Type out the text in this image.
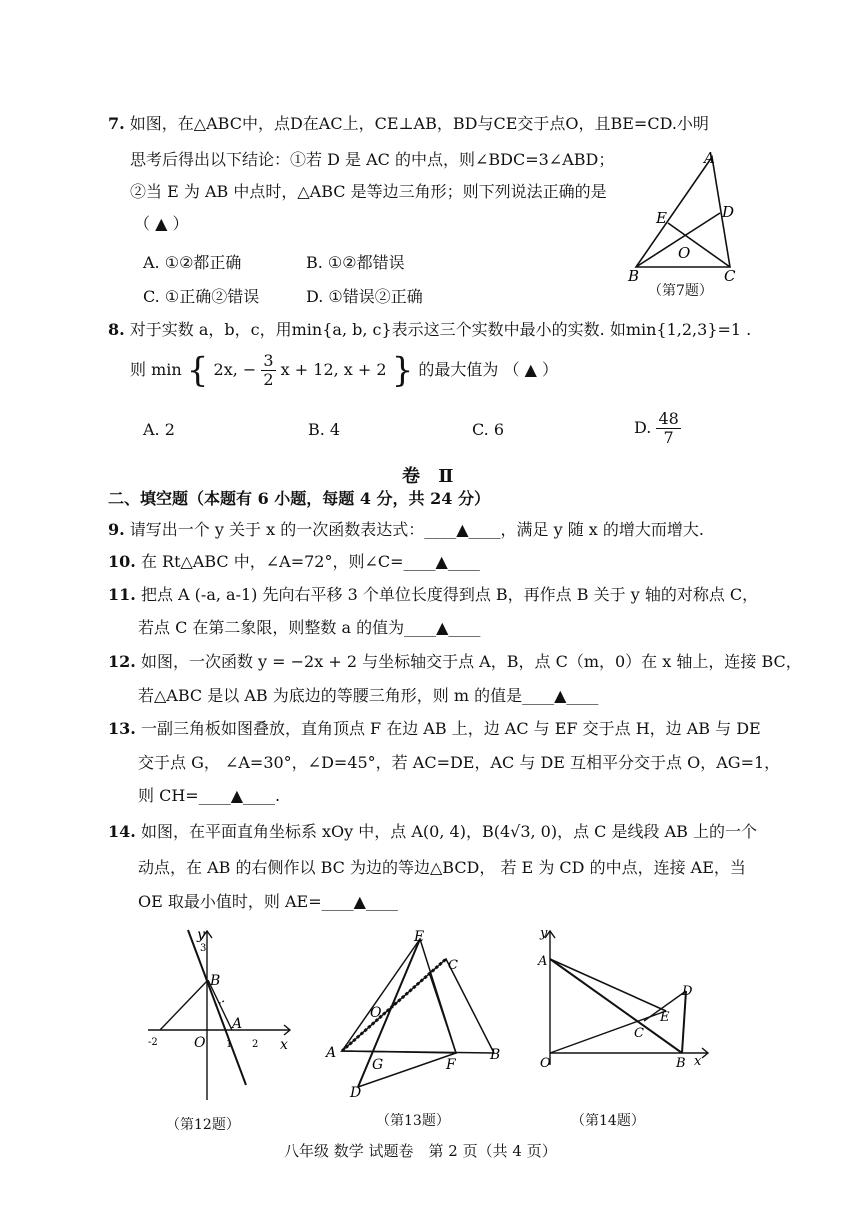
7. 如图，在△ABC中，点D在AC上，CE⊥AB，BD与CE交于点O，且BE=CD.小明
思考后得出以下结论：①若 D 是 AC 的中点，则∠BDC=3∠ABD；
②当 E 为 AB 中点时，△ABC 是等边三角形；则下列说法正确的是
（ ▲ ）
A. ①②都正确	B. ①②都错误
C. ①正确②错误	D. ①错误②正确
A
E	D
O
B	C
（第7题）
8. 对于实数 a，b，c，用min{a, b, c}表示这三个实数中最小的实数. 如min{1,2,3}=1 .
则 min { 2x, − $\frac{3}{2}$ x + 12, x + 2 } 的最大值为 （ ▲ ）
A. 2	B. 4	C. 6	D. $\frac{48}{7}$
卷 Ⅱ
二、填空题（本题有 6 小题，每题 4 分，共 24 分）
9. 请写出一个 y 关于 x 的一次函数表达式：____▲____，满足 y 随 x 的增大而增大.
10. 在 Rt△ABC 中，∠A=72°，则∠C=____▲____
11. 把点 A (-a, a-1) 先向右平移 3 个单位长度得到点 B，再作点 B 关于 y 轴的对称点 C，
若点 C 在第二象限，则整数 a 的值为____▲____
12. 如图，一次函数 y = −2x + 2 与坐标轴交于点 A，B，点 C（m，0）在 x 轴上，连接 BC，
若△ABC 是以 AB 为底边的等腰三角形，则 m 的值是____▲____
13. 一副三角板如图叠放，直角顶点 F 在边 AB 上，边 AC 与 EF 交于点 H，边 AB 与 DE
交于点 G， ∠A=30°，∠D=45°，若 AC=DE，AC 与 DE 互相平分交于点 O，AG=1，
则 CH=____▲____.
14. 如图，在平面直角坐标系 xOy 中，点 A(0, 4)，B(4√3, 0)，点 C 是线段 AB 上的一个
动点，在 AB 的右侧作以 BC 为边的等边△BCD， 若 E 为 CD 的中点，连接 AE，当
OE 取最小值时，则 AE=____▲____
y
3
B
A
O 1 2
-2	x
（第12题）
E
C
O
A
G	F
B
D
（第13题）
y
A
O	B x
C
D
E
（第14题）
八年级 数学 试题卷　第 2 页（共 4 页）
